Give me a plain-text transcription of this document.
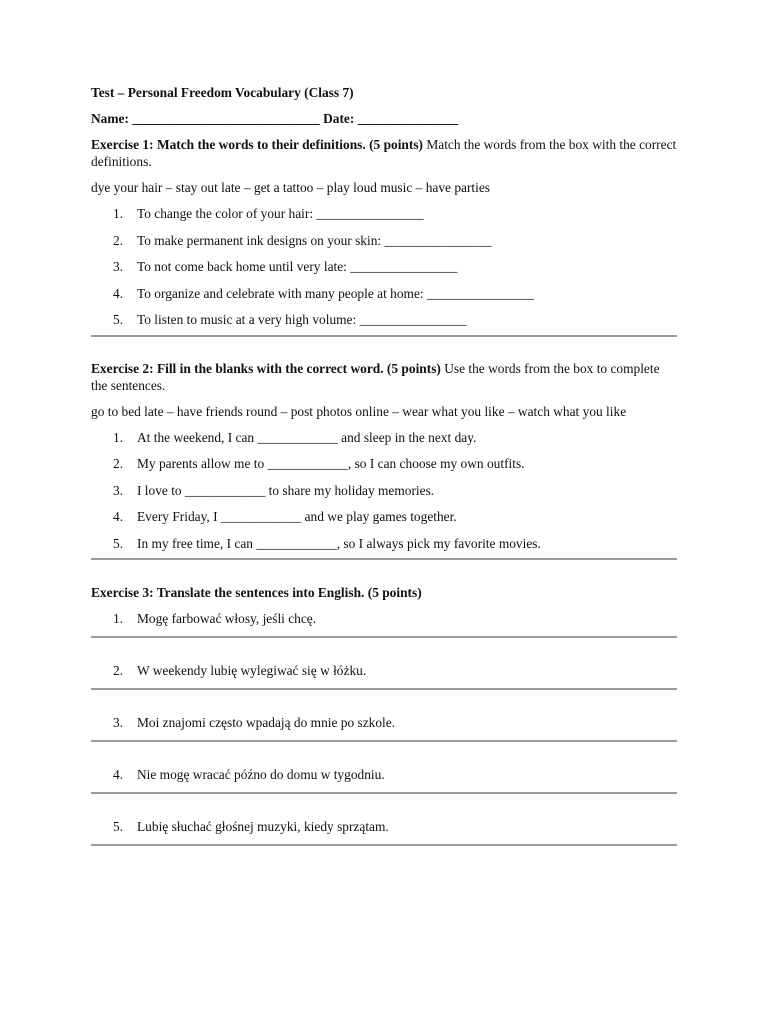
Test – Personal Freedom Vocabulary (Class 7)
Name: ____________________________ Date: _______________
Exercise 1: Match the words to their definitions. (5 points) Match the words from the box with the correct definitions.
dye your hair – stay out late – get a tattoo – play loud music – have parties
1. To change the color of your hair: ________________
2. To make permanent ink designs on your skin: ________________
3. To not come back home until very late: ________________
4. To organize and celebrate with many people at home: ________________
5. To listen to music at a very high volume: ________________
Exercise 2: Fill in the blanks with the correct word. (5 points) Use the words from the box to complete the sentences.
go to bed late – have friends round – post photos online – wear what you like – watch what you like
1. At the weekend, I can ____________ and sleep in the next day.
2. My parents allow me to ____________, so I can choose my own outfits.
3. I love to ____________ to share my holiday memories.
4. Every Friday, I ____________ and we play games together.
5. In my free time, I can ____________, so I always pick my favorite movies.
Exercise 3: Translate the sentences into English. (5 points)
1. Mogę farbować włosy, jeśli chcę.
2. W weekendy lubię wylegiwać się w łóżku.
3. Moi znajomi często wpadają do mnie po szkole.
4. Nie mogę wracać późno do domu w tygodniu.
5. Lubię słuchać głośnej muzyki, kiedy sprzątam.
